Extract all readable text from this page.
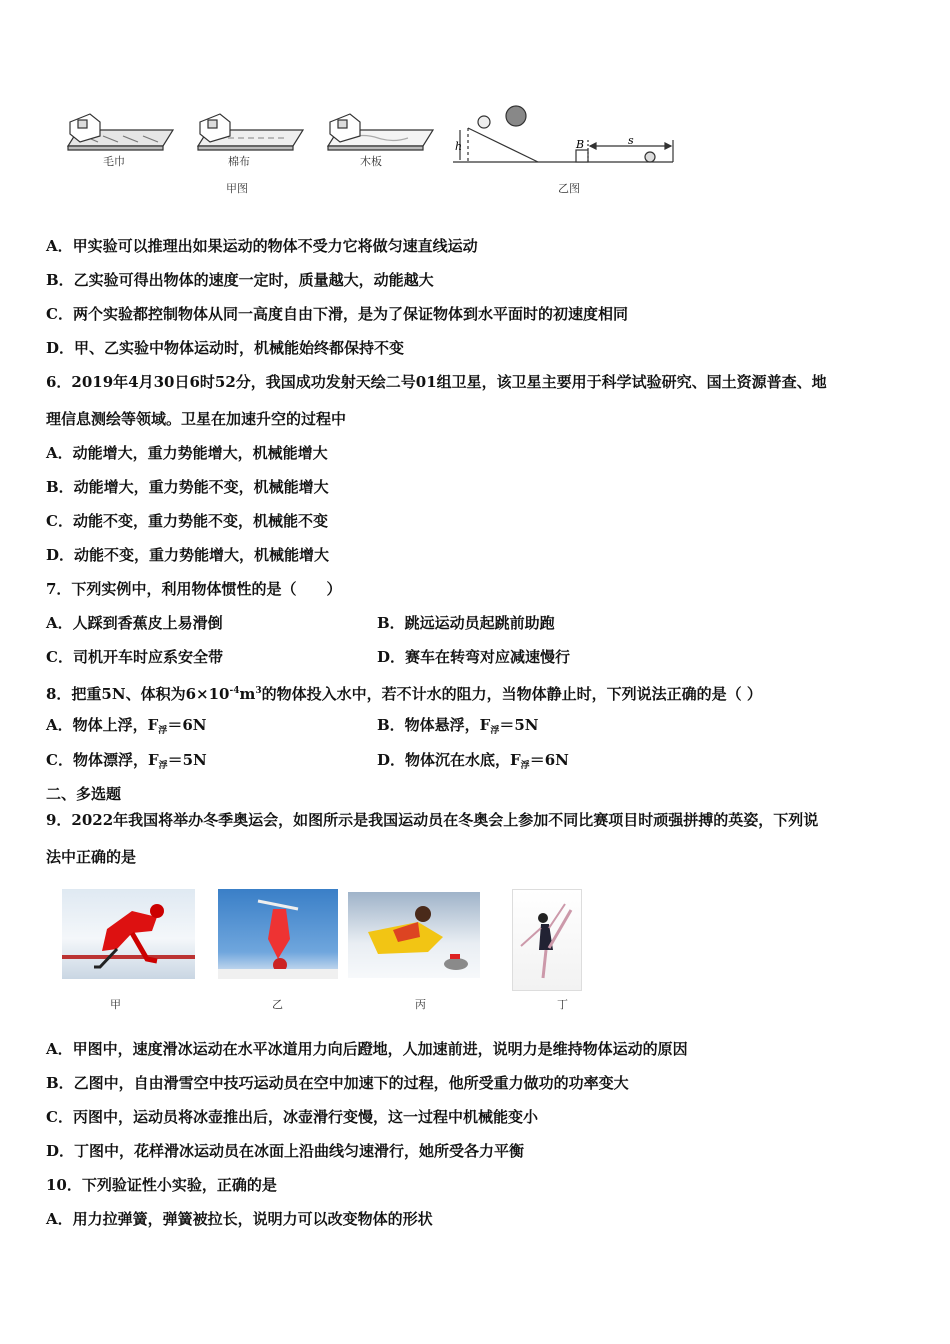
h	B	s
毛巾	棉布	木板
甲图	乙图
A．甲实验可以推理出如果运动的物体不受力它将做匀速直线运动
B．乙实验可得出物体的速度一定时，质量越大，动能越大
C．两个实验都控制物体从同一高度自由下滑，是为了保证物体到水平面时的初速度相同
D．甲、乙实验中物体运动时，机械能始终都保持不变
6．2019年4月30日6时52分，我国成功发射天绘二号01组卫星，该卫星主要用于科学试验研究、国土资源普查、地
理信息测绘等领域。卫星在加速升空的过程中
A．动能增大，重力势能增大，机械能增大
B．动能增大，重力势能不变，机械能增大
C．动能不变，重力势能不变，机械能不变
D．动能不变，重力势能增大，机械能增大
7．下列实例中，利用物体惯性的是（　　）
A．人踩到香蕉皮上易滑倒	B．跳远运动员起跳前助跑
C．司机开车时应系安全带	D．赛车在转弯对应减速慢行
8．把重5N、体积为$6\times 10^{-4}m^3$的物体投入水中，若不计水的阻力，当物体静止时，下列说法正确的是（ ）
A．物体上浮，$F_浮=6N$	B．物体悬浮，$F_浮=5N$
C．物体漂浮，$F_浮=5N$	D．物体沉在水底，$F_浮=6N$
二、多选题
9．2022年我国将举办冬季奥运会，如图所示是我国运动员在冬奥会上参加不同比赛项目时顽强拼搏的英姿，下列说
法中正确的是
甲	乙	丙	丁
A．甲图中，速度滑冰运动在水平冰道用力向后蹬地，人加速前进，说明力是维持物体运动的原因
B．乙图中，自由滑雪空中技巧运动员在空中加速下的过程，他所受重力做功的功率变大
C．丙图中，运动员将冰壶推出后，冰壶滑行变慢，这一过程中机械能变小
D．丁图中，花样滑冰运动员在冰面上沿曲线匀速滑行，她所受各力平衡
10．下列验证性小实验，正确的是
A．用力拉弹簧，弹簧被拉长，说明力可以改变物体的形状
